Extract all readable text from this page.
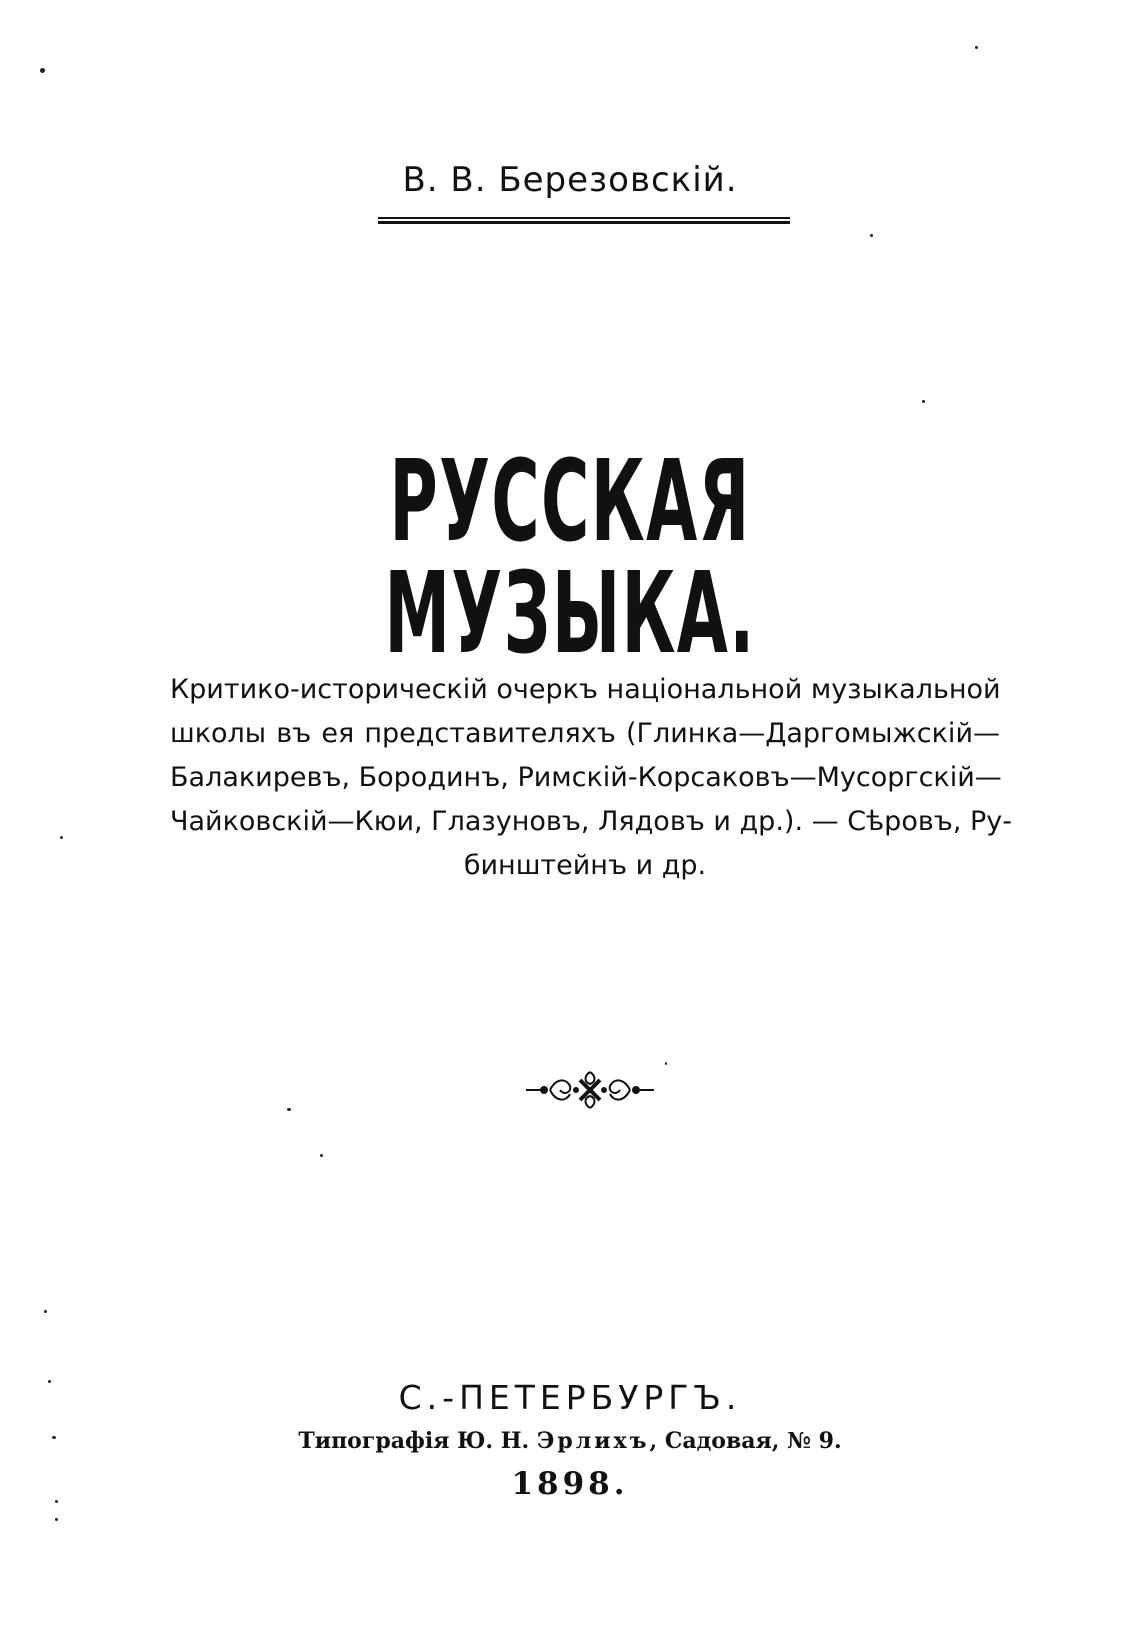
В. В. Березовскiй.
РУССКАЯ МУЗЫКА.
Критико-историческiй очеркъ нацiональной музыкальной
школы въ ея представителяхъ (Глинка—Даргомыжскiй—
Балакиревъ, Бородинъ, Римскiй-Корсаковъ—Мусоргскiй—
Чайковскiй—Кюи, Глазуновъ, Лядовъ и др.). — Сѣровъ, Ру-
бинштейнъ и др.
С.-ПЕТЕРБУРГЪ.
Типографiя Ю. Н. Эрлихъ, Садовая, № 9.
1898.
